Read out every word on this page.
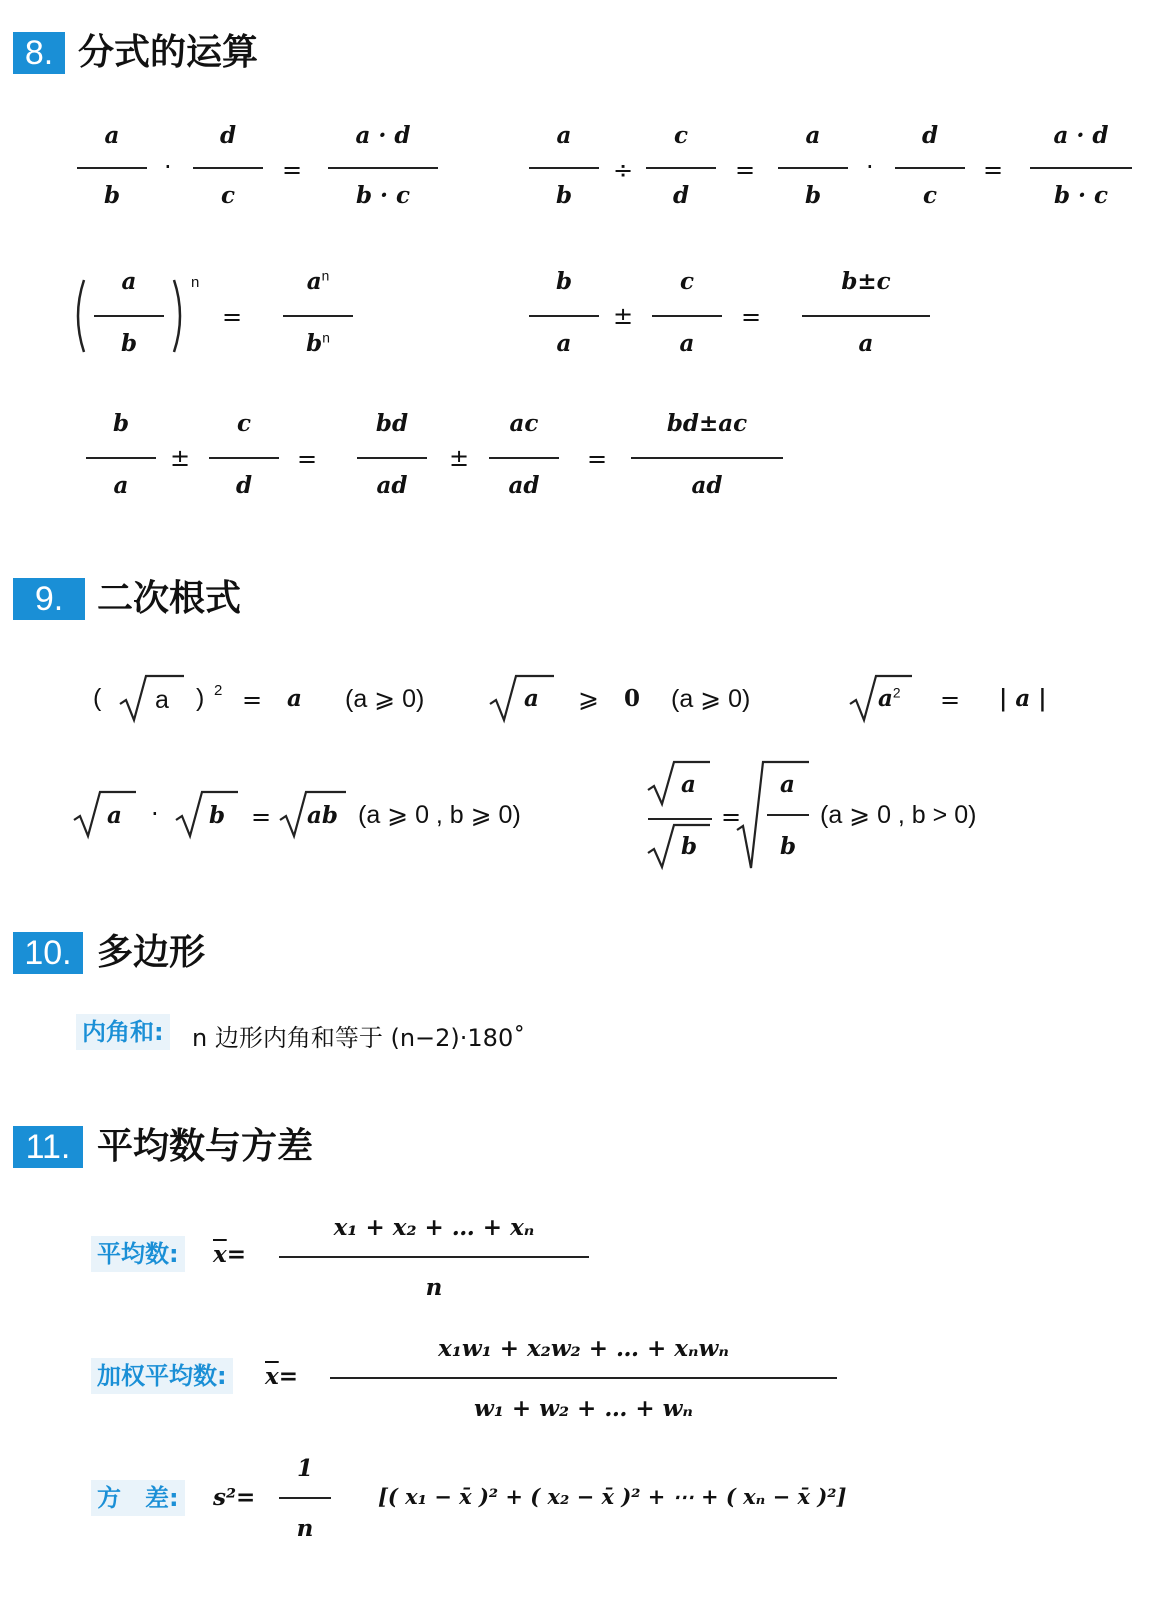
8. 分式的运算
a
b
·
d
c
=
a · d
b · c
a
b
÷
c
d
=
a
b
·
d
c
=
a · d
b · c
a
b
n
=
$a^n$
$b^n$
b
a
±
c
a
=
b±c
a
b
a
±
c
d
=
bd
ad
±
ac
ad
=
bd±ac
ad
9. 二次根式
( a ) 2 = a (a ⩾ 0)	a ⩾ 0 (a ⩾ 0)	$a^2$ = | a |
a · b = ab (a ⩾ 0 , b ⩾ 0)
a
b
=
a
b
(a ⩾ 0 , b > 0)
10. 多边形
内角和: n 边形内角和等于 (n−2)·180˚
11. 平均数与方差
平均数: $\overline{x}=$
x₁ + x₂ + … + xₙ
n
加权平均数: $\overline{x}=$
x₁w₁ + x₂w₂ + … + xₙwₙ
w₁ + w₂ + … + wₙ
方　差: s²=
1
n
[( x₁ − x̄ )² + ( x₂ − x̄ )² + ⋯ + ( xₙ − x̄ )²]
